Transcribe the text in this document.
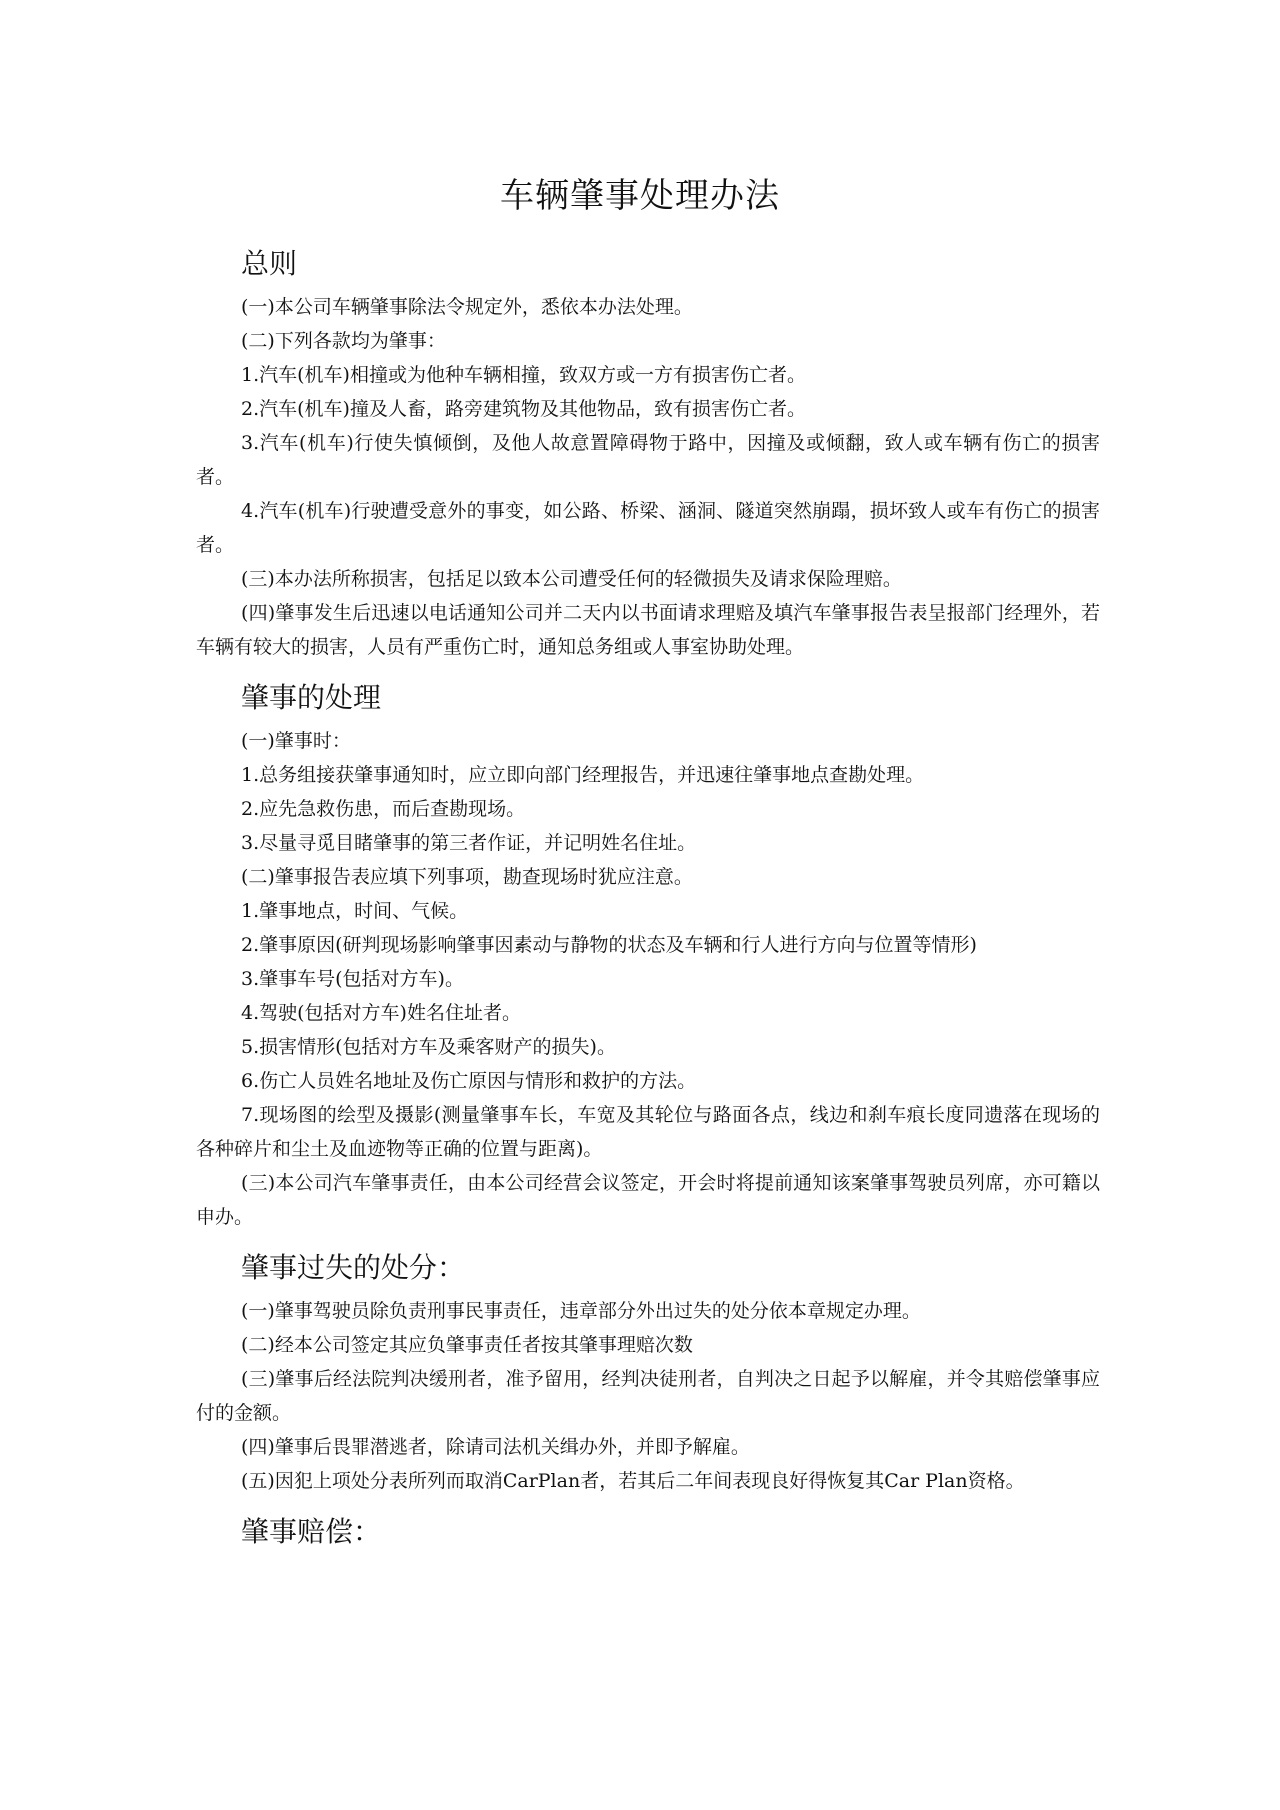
车辆肇事处理办法
总则

(一)本公司车辆肇事除法令规定外，悉依本办法处理。

(二)下列各款均为肇事：

1.汽车(机车)相撞或为他种车辆相撞，致双方或一方有损害伤亡者。

2.汽车(机车)撞及人畜，路旁建筑物及其他物品，致有损害伤亡者。

3.汽车(机车)行使失慎倾倒，及他人故意置障碍物于路中，因撞及或倾翻，致人或车辆有伤亡的损害者。

4.汽车(机车)行驶遭受意外的事变，如公路、桥梁、涵洞、隧道突然崩蹋，损坏致人或车有伤亡的损害者。

(三)本办法所称损害，包括足以致本公司遭受任何的轻微损失及请求保险理赔。

(四)肇事发生后迅速以电话通知公司并二天内以书面请求理赔及填汽车肇事报告表呈报部门经理外，若车辆有较大的损害，人员有严重伤亡时，通知总务组或人事室协助处理。

肇事的处理

(一)肇事时：

1.总务组接获肇事通知时，应立即向部门经理报告，并迅速往肇事地点查勘处理。

2.应先急救伤患，而后查勘现场。

3.尽量寻觅目睹肇事的第三者作证，并记明姓名住址。

(二)肇事报告表应填下列事项，勘查现场时犹应注意。

1.肇事地点，时间、气候。

2.肇事原因(研判现场影响肇事因素动与静物的状态及车辆和行人进行方向与位置等情形)

3.肇事车号(包括对方车)。

4.驾驶(包括对方车)姓名住址者。

5.损害情形(包括对方车及乘客财产的损失)。

6.伤亡人员姓名地址及伤亡原因与情形和救护的方法。

7.现场图的绘型及摄影(测量肇事车长，车宽及其轮位与路面各点，线边和刹车痕长度同遗落在现场的各种碎片和尘土及血迹物等正确的位置与距离)。

(三)本公司汽车肇事责任，由本公司经营会议签定，开会时将提前通知该案肇事驾驶员列席，亦可籍以申办。

肇事过失的处分：

(一)肇事驾驶员除负责刑事民事责任，违章部分外出过失的处分依本章规定办理。

(二)经本公司签定其应负肇事责任者按其肇事理赔次数

(三)肇事后经法院判决缓刑者，准予留用，经判决徒刑者，自判决之日起予以解雇，并令其赔偿肇事应付的金额。

(四)肇事后畏罪潜逃者，除请司法机关缉办外，并即予解雇。

(五)因犯上项处分表所列而取消CarPlan者，若其后二年间表现良好得恢复其Car Plan资格。

肇事赔偿：
